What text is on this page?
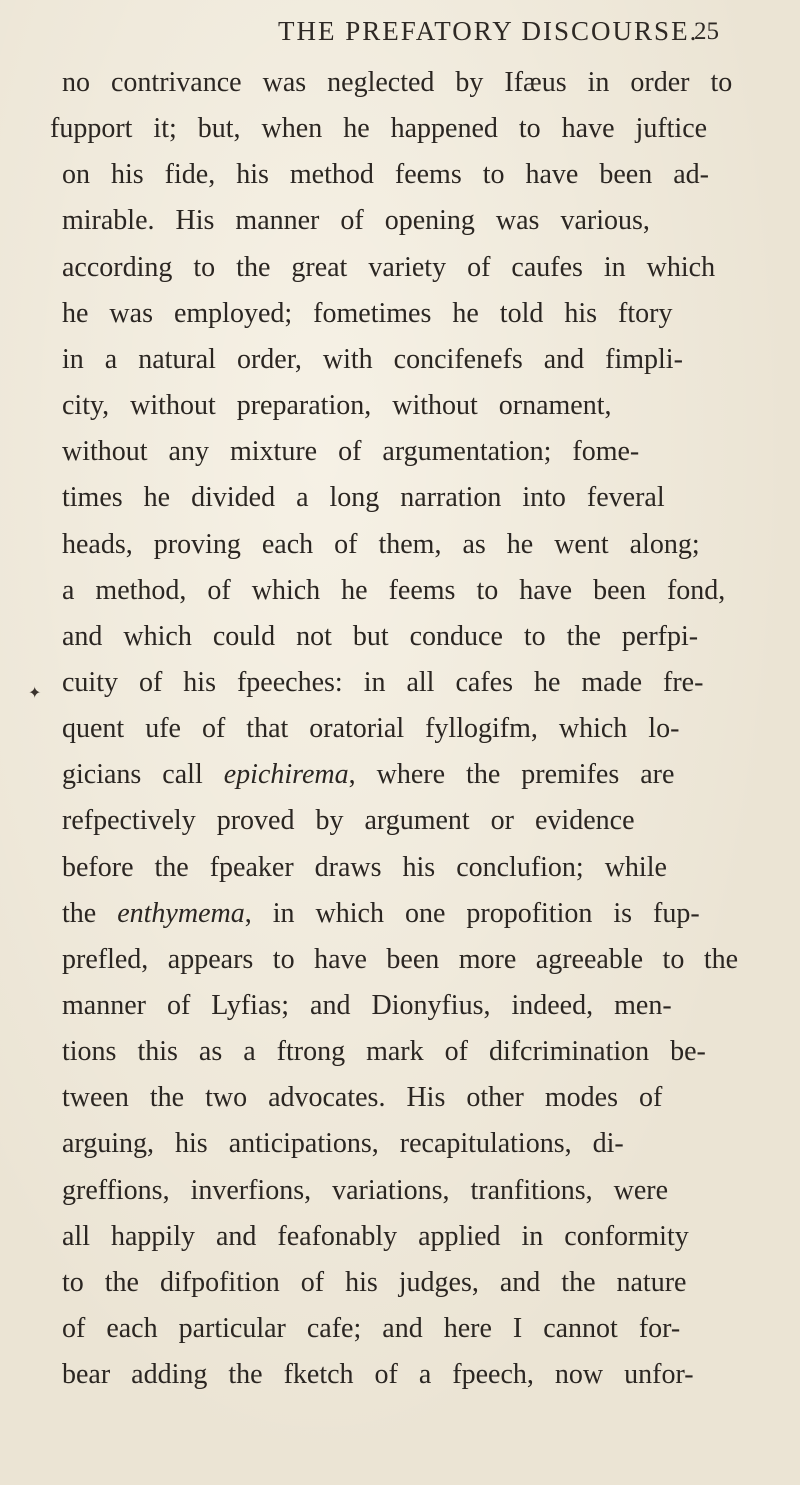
THE PREFATORY DISCOURSE.
25
✦
no contrivance was neglected by Ifæus in order to
fupport it; but, when he happened to have juftice
on his fide, his method feems to have been ad-
mirable. His manner of opening was various,
according to the great variety of caufes in which
he was employed; fometimes he told his ftory
in a natural order, with concifenefs and fimpli-
city, without preparation, without ornament,
without any mixture of argumentation; fome-
times he divided a long narration into feveral
heads, proving each of them, as he went along;
a method, of which he feems to have been fond,
and which could not but conduce to the perfpi-
cuity of his fpeeches: in all cafes he made fre-
quent ufe of that oratorial fyllogifm, which lo-
gicians call epichirema, where the premifes are
refpectively proved by argument or evidence
before the fpeaker draws his conclufion; while
the enthymema, in which one propofition is fup-
prefled, appears to have been more agreeable to the
manner of Lyfias; and Dionyfius, indeed, men-
tions this as a ftrong mark of difcrimination be-
tween the two advocates. His other modes of
arguing, his anticipations, recapitulations, di-
greffions, inverfions, variations, tranfitions, were
all happily and feafonably applied in conformity
to the difpofition of his judges, and the nature
of each particular cafe; and here I cannot for-
bear adding the fketch of a fpeech, now unfor-
